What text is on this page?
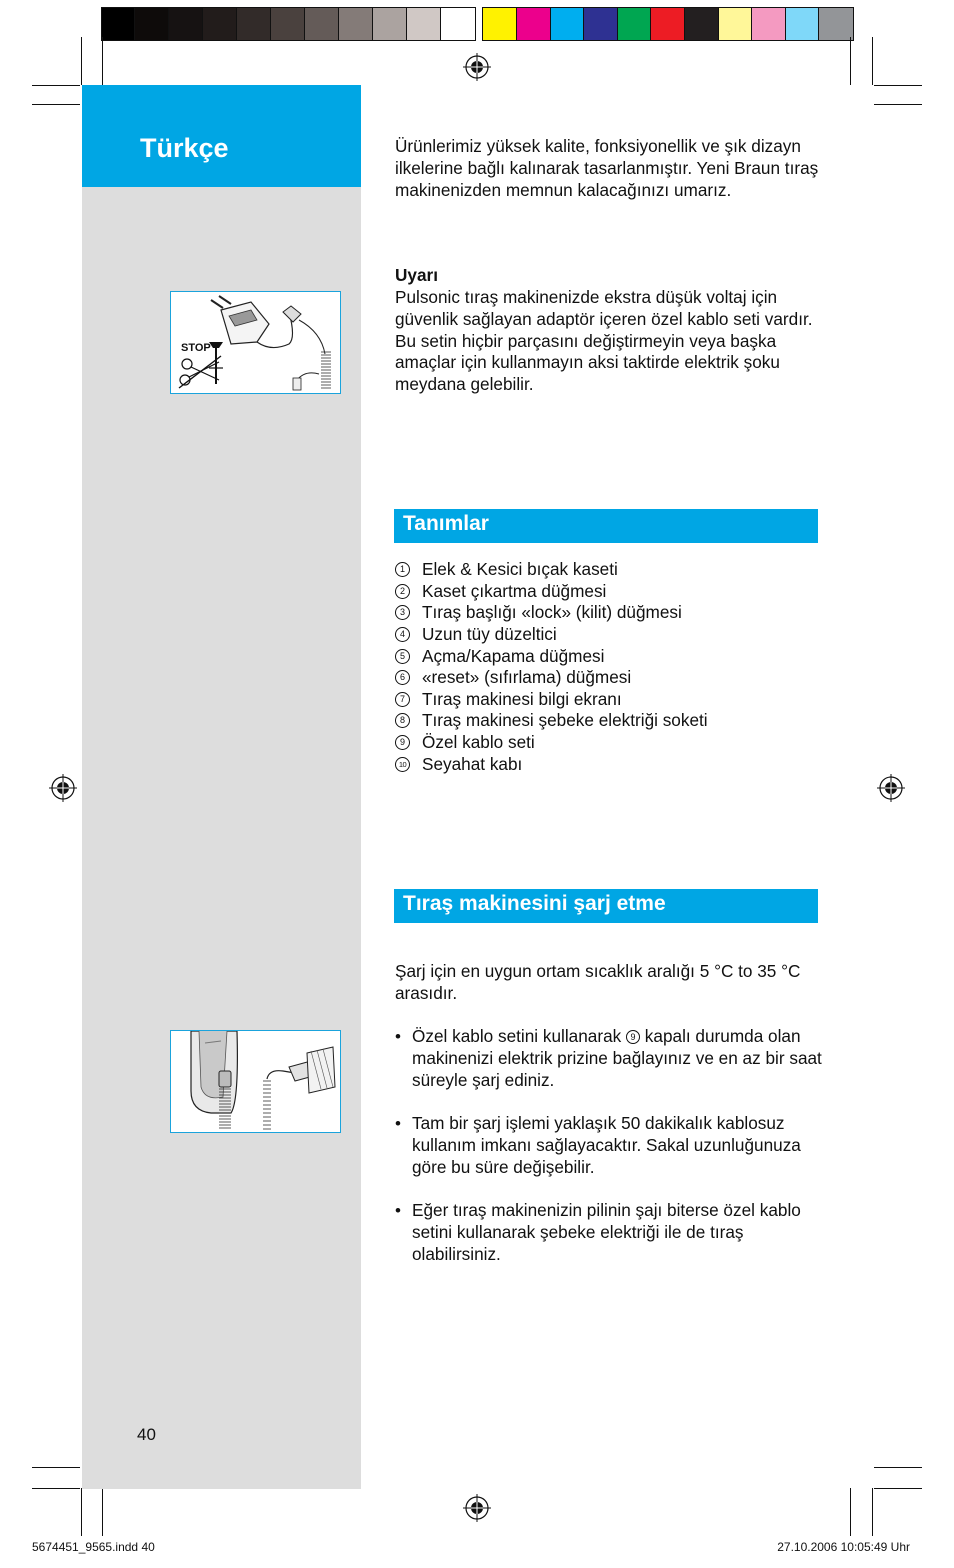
Türkçe
STOP
40
Ürünlerimiz yüksek kalite, fonksiyonellik ve şık dizayn ilkelerine bağlı kalınarak tasarlanmıştır. Yeni Braun tıraş makinenizden memnun kalacağınızı umarız.
Uyarı
Pulsonic tıraş makinenizde ekstra düşük voltaj için güvenlik sağlayan adaptör içeren özel kablo seti vardır. Bu setin hiçbir parçasını değiştirmeyin veya başka amaçlar için kullanmayın aksi taktirde elektrik şoku meydana gelebilir.
Tanımlar
1 Elek & Kesici bıçak kaseti
2 Kaset çıkartma düğmesi
3 Tıraş başlığı «lock» (kilit) düğmesi
4 Uzun tüy düzeltici
5 Açma/Kapama düğmesi
6 «reset» (sıfırlama) düğmesi
7 Tıraş makinesi bilgi ekranı
8 Tıraş makinesi şebeke elektriği soketi
9 Özel kablo seti
10 Seyahat kabı
Tıraş makinesini şarj etme
Şarj için en uygun ortam sıcaklık aralığı 5 °C to 35 °C arasıdır.
• Özel kablo setini kullanarak 9 kapalı durumda olan makinenizi elektrik prizine bağlayınız ve en az bir saat süreyle şarj ediniz.
• Tam bir şarj işlemi yaklaşık 50 dakikalık kablosuz kullanım imkanı sağlayacaktır. Sakal uzunluğunuza göre bu süre değişebilir.
• Eğer tıraş makinenizin pilinin şajı biterse özel kablo setini kullanarak şebeke elektriği ile de tıraş olabilirsiniz.
5674451_9565.indd 40	27.10.2006 10:05:49 Uhr
